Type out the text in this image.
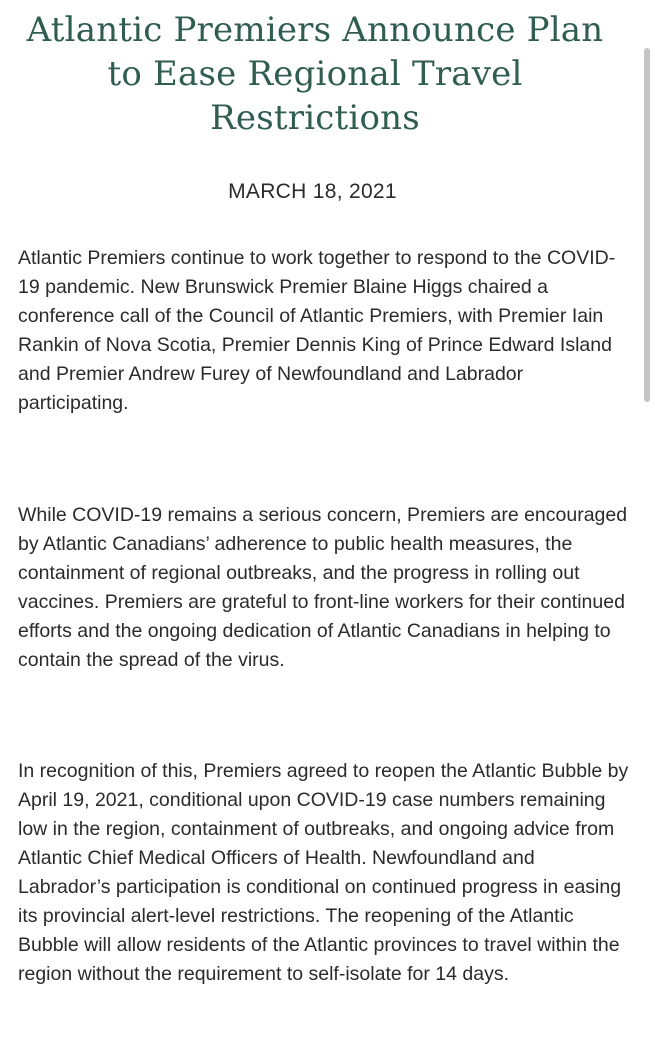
Atlantic Premiers Announce Plan to Ease Regional Travel Restrictions
MARCH 18, 2021

Atlantic Premiers continue to work together to respond to the COVID-19 pandemic. New Brunswick Premier Blaine Higgs chaired a conference call of the Council of Atlantic Premiers, with Premier Iain Rankin of Nova Scotia, Premier Dennis King of Prince Edward Island and Premier Andrew Furey of Newfoundland and Labrador participating.

While COVID-19 remains a serious concern, Premiers are encouraged by Atlantic Canadians’ adherence to public health measures, the containment of regional outbreaks, and the progress in rolling out vaccines. Premiers are grateful to front-line workers for their continued efforts and the ongoing dedication of Atlantic Canadians in helping to contain the spread of the virus.

In recognition of this, Premiers agreed to reopen the Atlantic Bubble by April 19, 2021, conditional upon COVID-19 case numbers remaining low in the region, containment of outbreaks, and ongoing advice from Atlantic Chief Medical Officers of Health. Newfoundland and Labrador’s participation is conditional on continued progress in easing its provincial alert-level restrictions. The reopening of the Atlantic Bubble will allow residents of the Atlantic provinces to travel within the region without the requirement to self-isolate for 14 days.
